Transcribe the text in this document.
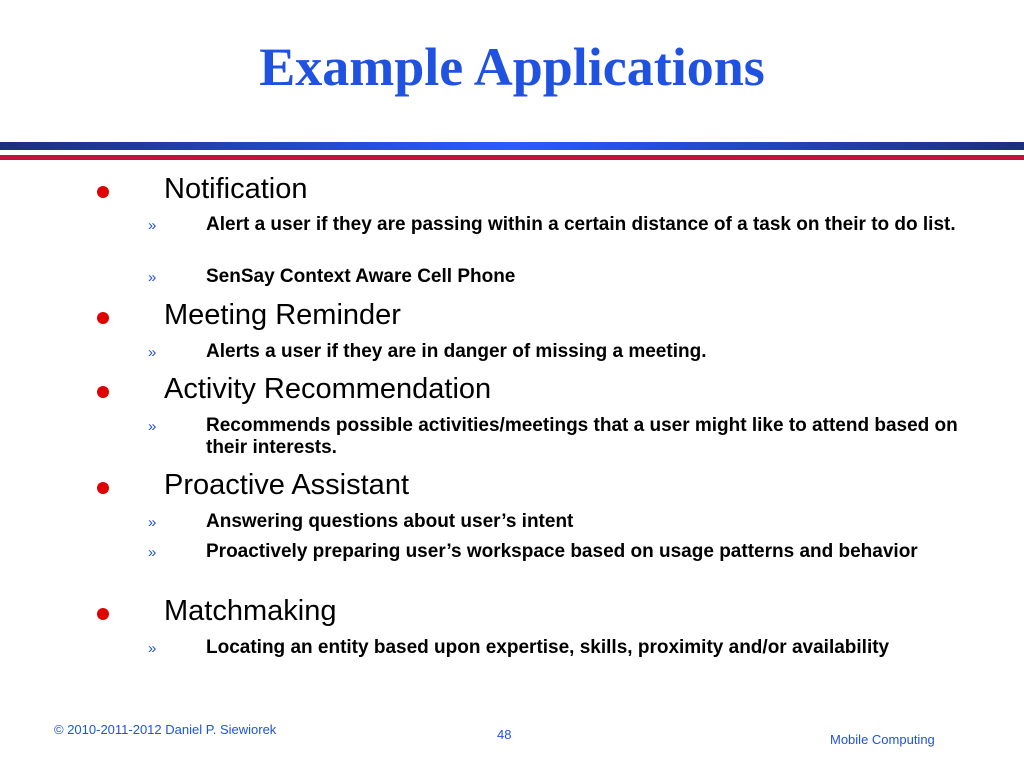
Example Applications
Notification
»	Alert a user if they are passing within a certain distance of a task on their to do list.
»	SenSay Context Aware Cell Phone
Meeting Reminder
»	Alerts a user if they are in danger of missing a meeting.
Activity Recommendation
»	Recommends possible activities/meetings that a user might like to attend based on their interests.
Proactive Assistant
»	Answering questions about user’s intent
»	Proactively preparing user’s workspace based on usage patterns and behavior
Matchmaking
»	Locating an entity based upon expertise, skills, proximity and/or availability
© 2010-2011-2012 Daniel P. Siewiorek	48	Mobile Computing
